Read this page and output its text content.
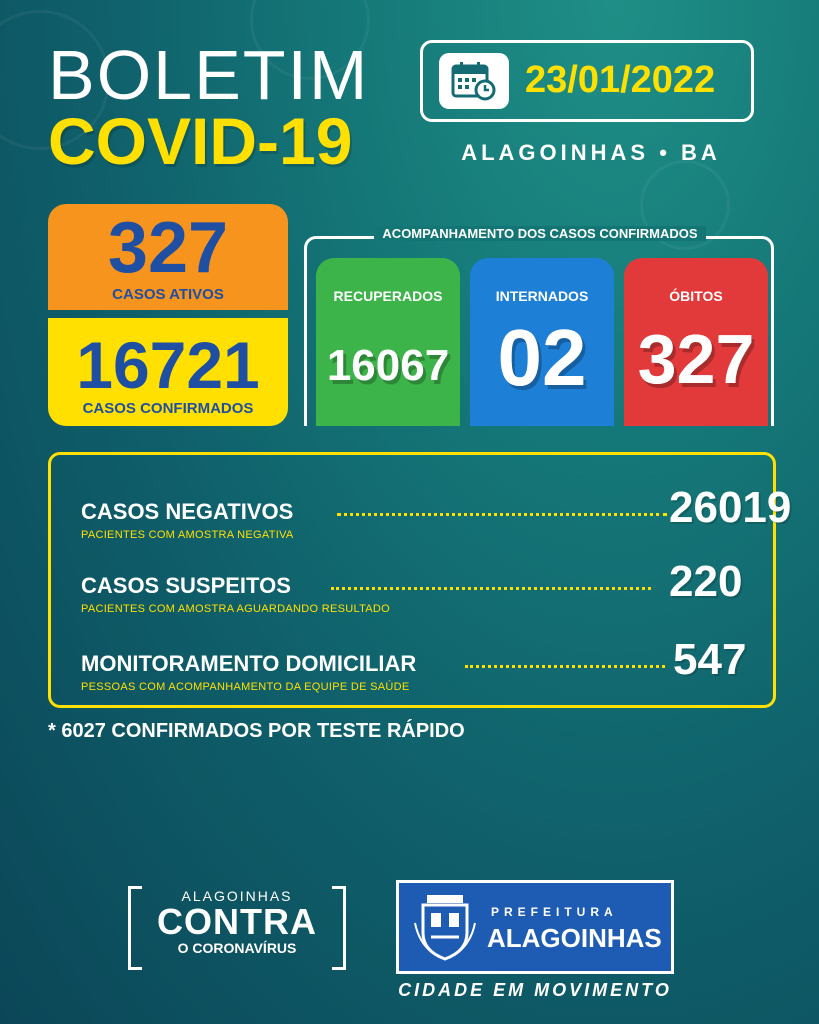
BOLETIM
COVID-19
23/01/2022
ALAGOINHAS • BA
327
CASOS ATIVOS
16721
CASOS CONFIRMADOS
ACOMPANHAMENTO DOS CASOS CONFIRMADOS
RECUPERADOS
16067
INTERNADOS
02
ÓBITOS
327
CASOS NEGATIVOS	26019
PACIENTES COM AMOSTRA NEGATIVA
CASOS SUSPEITOS	220
PACIENTES COM AMOSTRA AGUARDANDO RESULTADO
MONITORAMENTO DOMICILIAR	547
PESSOAS COM ACOMPANHAMENTO DA EQUIPE DE SAÚDE
* 6027 CONFIRMADOS POR TESTE RÁPIDO
ALAGOINHAS
CONTRA
O CORONAVÍRUS
PREFEITURA
ALAGOINHAS
CIDADE EM MOVIMENTO
